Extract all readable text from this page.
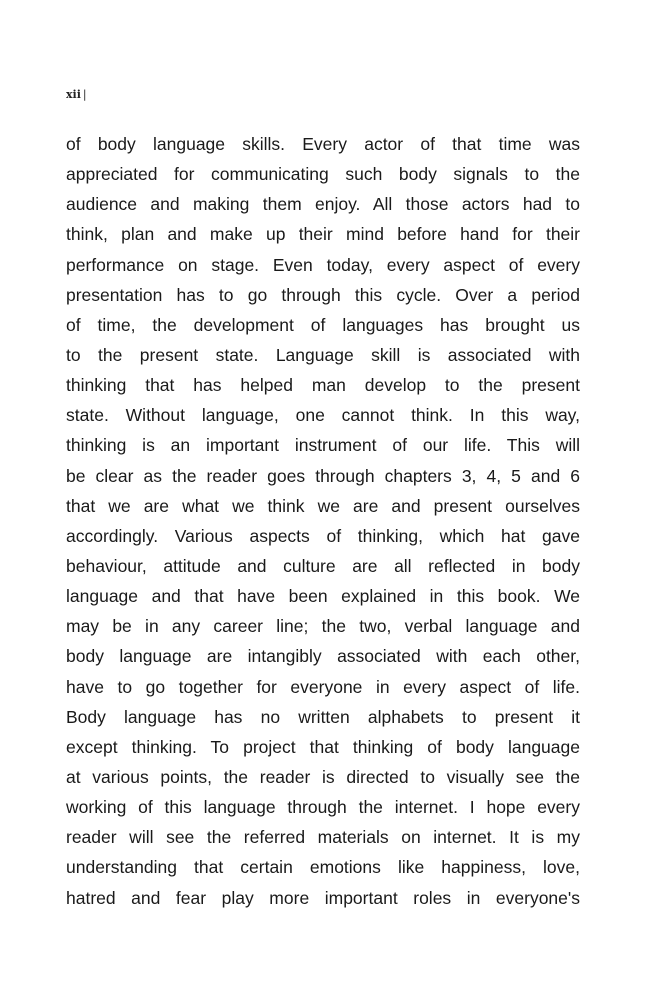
xii |
of body language skills. Every actor of that time was
appreciated for communicating such body signals to the
audience and making them enjoy. All those actors had to
think, plan and make up their mind before hand for their
performance on stage. Even today, every aspect of every
presentation has to go through this cycle. Over a period
of time, the development of languages has brought us
to the present state. Language skill is associated with
thinking that has helped man develop to the present
state. Without language, one cannot think. In this way,
thinking is an important instrument of our life. This will
be clear as the reader goes through chapters 3, 4, 5 and 6
that we are what we think we are and present ourselves
accordingly. Various aspects of thinking, which hat gave
behaviour, attitude and culture are all reflected in body
language and that have been explained in this book. We
may be in any career line; the two, verbal language and
body language are intangibly associated with each other,
have to go together for everyone in every aspect of life.
Body language has no written alphabets to present it
except thinking. To project that thinking of body language
at various points, the reader is directed to visually see the
working of this language through the internet. I hope every
reader will see the referred materials on internet. It is my
understanding that certain emotions like happiness, love,
hatred and fear play more important roles in everyone's
